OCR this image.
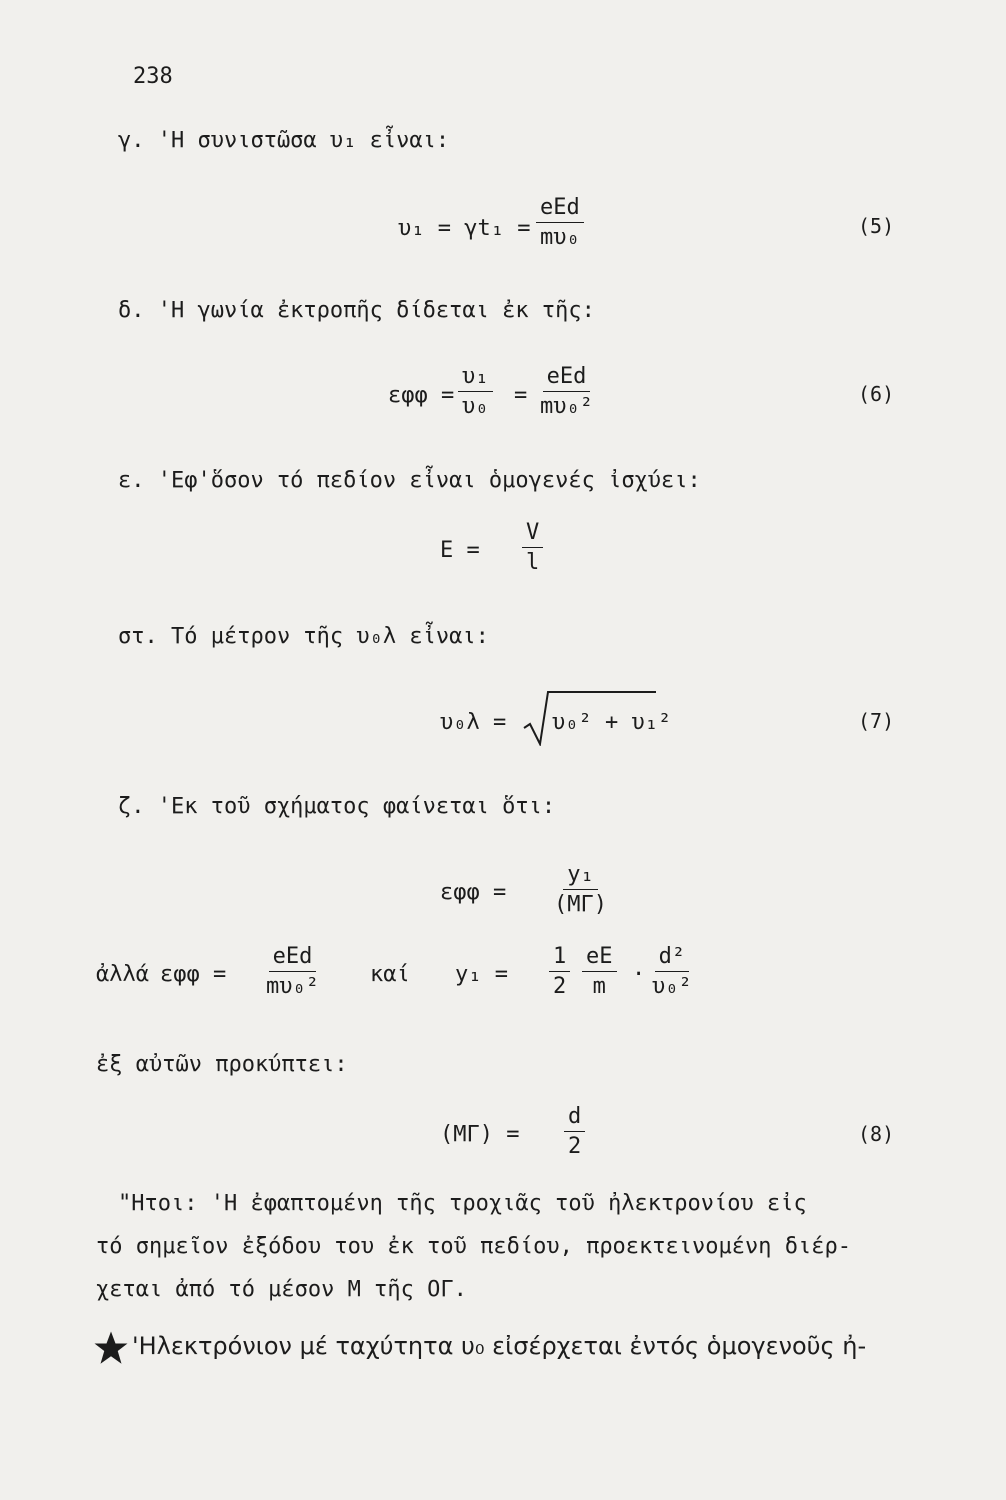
238
γ. 'Η συνιστῶσα υ₁ εἶναι:
υ₁ = γt₁ =
eEd
mυ₀	(5)
δ. 'Η γωνία ἐκτροπῆς δίδεται ἐκ τῆς:
$\varepsilon\varphi\varphi = \frac{\text{υ₁}}{\text{υ₀}}$ =
eEd
mυ₀²	(6)
ε. 'Εφ'ὅσον τό πεδίον εἶναι ὁμογενές ἰσχύει:
$E = \frac{V}{l}$
στ. Τό μέτρον τῆς υ₀λ εἶναι:
υ₀λ = υ₀² + υ₁²	(7)
ζ. 'Εκ τοῦ σχήματος φαίνεται ὅτι:
$\varepsilon\varphi\varphi = \frac{\text{y₁}}{(M\Gamma)}$
ἀλλά εφφ =
eEd
mυ₀² καί $y_1 = \frac{1}{2} \frac{eE}{m} \cdot \frac{\text{d²}}{\text{υ₀²}}$
ἐξ αὐτῶν προκύπτει:
$(M\Gamma) = \frac{d}{2}$	(8)
"Ητοι: 'Η ἐφαπτομένη τῆς τροχιᾶς τοῦ ἠλεκτρονίου εἰς
τό σημεῖον ἐξόδου του ἐκ τοῦ πεδίου, προεκτεινομένη διέρ-
χεται ἀπό τό μέσον Μ τῆς ΟΓ.
'Ηλεκτρόνιον μέ ταχύτητα υ₀ εἰσέρχεται ἐντός ὁμογενοῦς ἠ-
